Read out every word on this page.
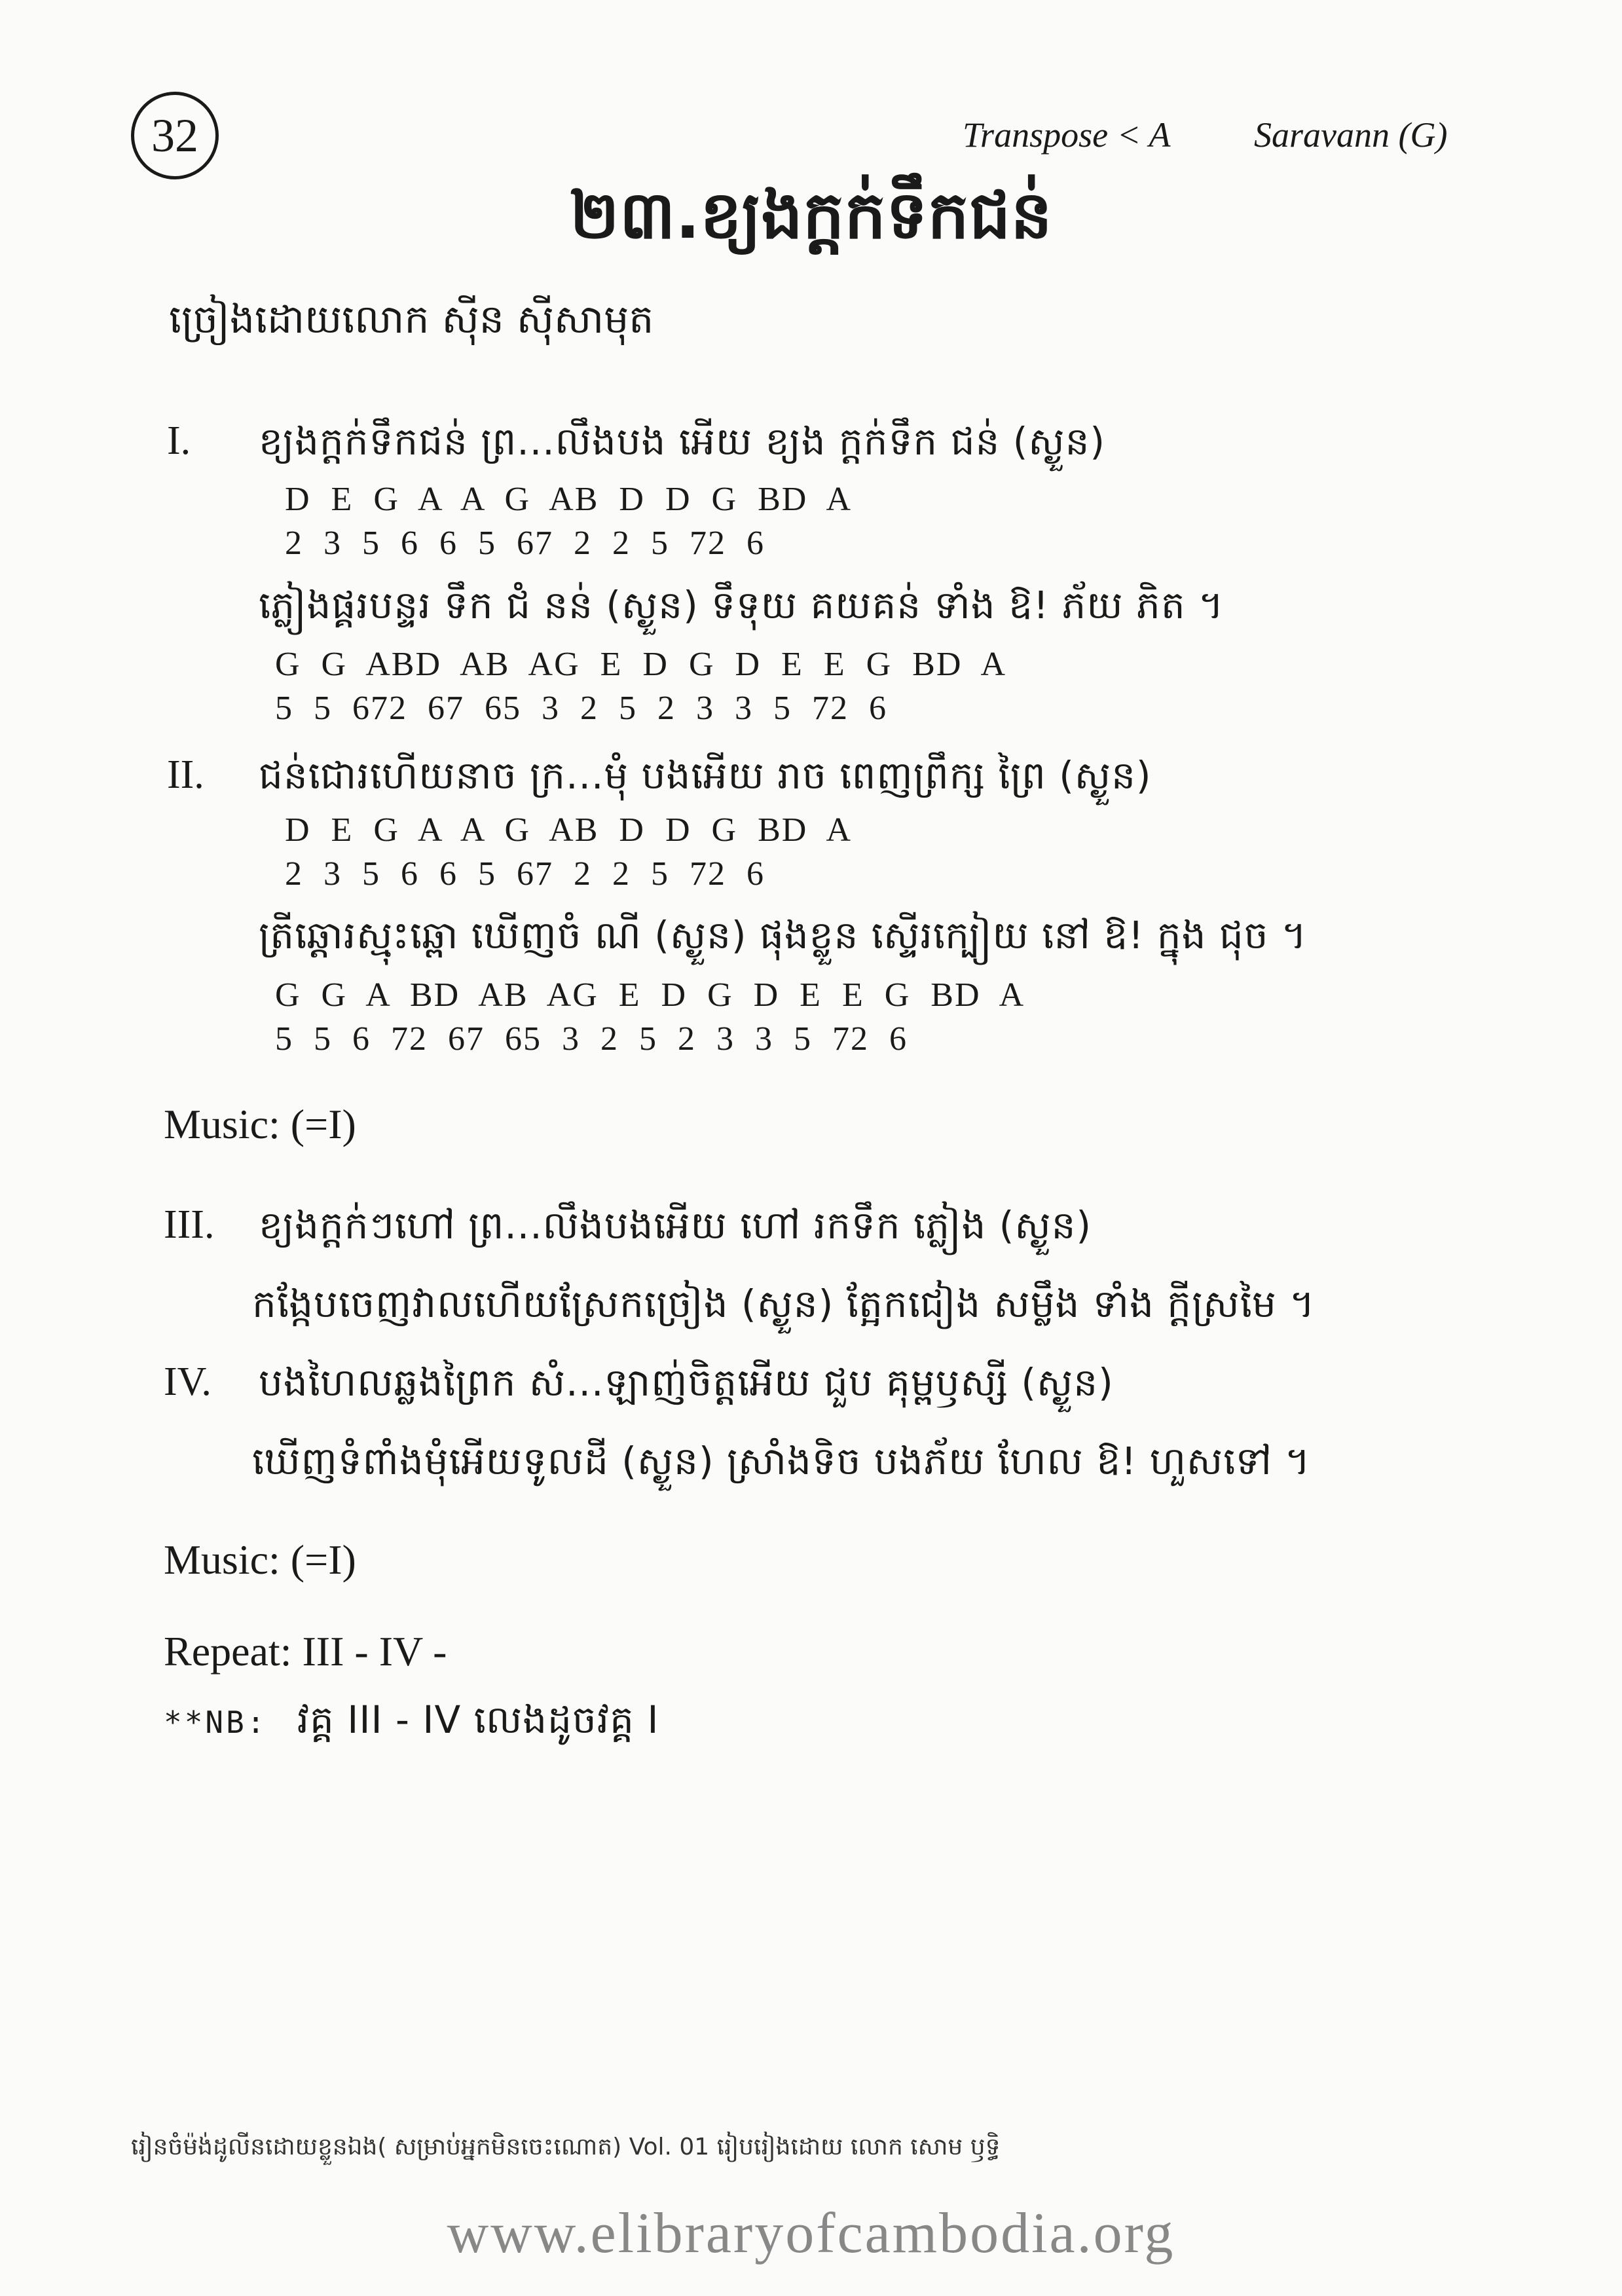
32	Transpose < A Saravann (G)
២៣.ខ្យងក្ដក់ទឹកជន់
ច្រៀងដោយលោក ស៊ីន ស៊ីសាមុត
I. ខ្យងក្ដក់ទឹកជន់ ព្រ...លឹងបង អើយ ខ្យង ក្ដក់ទឹក ជន់ (ស្ងួន)
D E G A A G AB D D G BD A
2 3 5 6 6 5 67 2 2 5 72 6
ភ្លៀងផ្គរបន្ទរ ទឹក ជំ នន់ (ស្ងួន) ទឹទុយ គយគន់ ទាំង ឱ! ភ័យ ភិត ។
G G ABD AB AG E D G D E E G BD A
5 5 672 67 65 3 2 5 2 3 3 5 72 6
II. ជន់ជោរហើយនាច ក្រ...មុំ បងអើយ រាច ពេញព្រឹក្ស ព្រៃ (ស្ងួន)
D E G A A G AB D D G BD A
2 3 5 6 6 5 67 2 2 5 72 6
ត្រីឆ្តោរស្មុះឆ្ពោ ឃើញចំ ណី (ស្ងួន) ផុងខ្លួន ស្ទើរក្បៀយ នៅ ឱ! ក្នុង ជុច ។
G G A BD AB AG E D G D E E G BD A
5 5 6 72 67 65 3 2 5 2 3 3 5 72 6
Music: (=I)
III. ខ្យងក្ដក់ៗហៅ ព្រ...លឹងបងអើយ ហៅ រកទឹក ភ្លៀង (ស្ងួន)
កង្កែបចេញវាលហើយស្រែកច្រៀង (ស្ងួន) ត្អែកជៀង សម្លឹង ទាំង ក្ដីស្រមៃ ។
IV. បងហៃលឆ្លងព្រៃក សំ...ឡាញ់ចិត្តអើយ ជួប គុម្ពឫស្សី (ស្ងួន)
ឃើញទំពាំងមុំអើយទូលដី (ស្ងួន) ស្រាំងទិច បងភ័យ ហែល ឱ! ហួសទៅ ។
Music: (=I)
Repeat: III - IV -
**NB: វគ្គ III - IV លេងដូចវគ្គ I
រៀនចំម៉ង់ដូលីនដោយខ្លួនឯង( សម្រាប់អ្នកមិនចេះណោត) Vol. 01 រៀបរៀងដោយ លោក សោម ឫទ្ធិ
www.elibraryofcambodia.org
